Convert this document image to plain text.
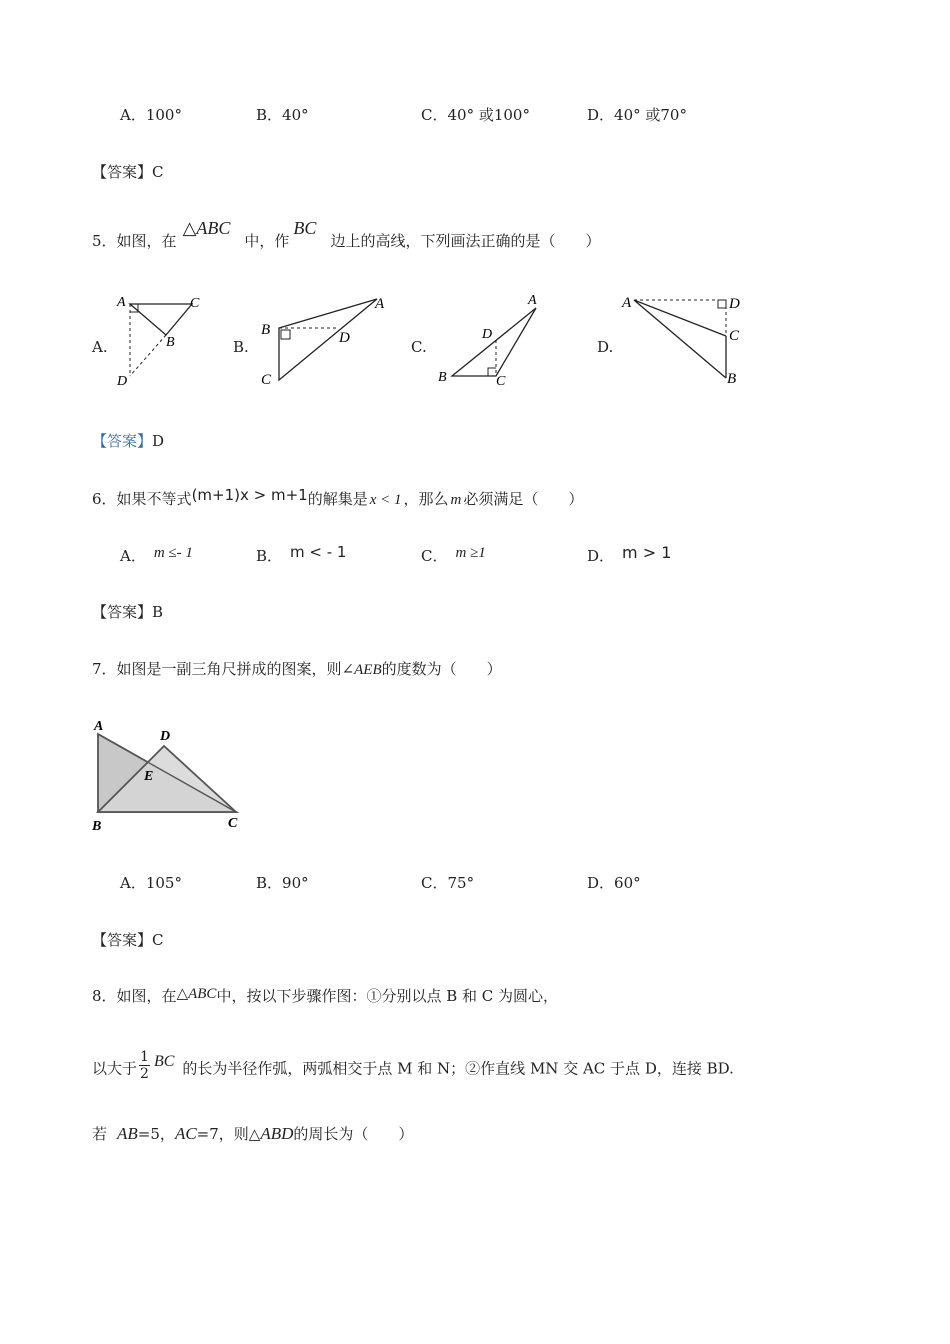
A．100°	B．40°	C．40° 或100°	D．40° 或70°
【答案】C
5．如图，在△ABC中，作BC边上的高线，下列画法正确的是（　　）
A.	B.	C.	D.
A	C
B
D
B
A
D
C	B
A
D
C
A	D
C
B
【答案】D
6．如果不等式(m+1)x > m+1的解集是 x < 1 ，那么 m 必须满足（　　）
A． m ≤- 1	B． m < - 1	C． m ≥1	D． m > 1
【答案】B
7．如图是一副三角尺拼成的图案，则∠AEB的度数为（　　）
A
D
E
B	C
A．105°	B．90°	C．75°	D．60°
【答案】C
8．如图，在△ABC中，按以下步骤作图：①分别以点 B 和 C 为圆心，
以大于 $\frac{1}{2}$ BC 的长为半径作弧，两弧相交于点 M 和 N；②作直线 MN 交 AC 于点 D，连接 BD.
若 AB=5，AC=7，则△ABD的周长为（　　）
